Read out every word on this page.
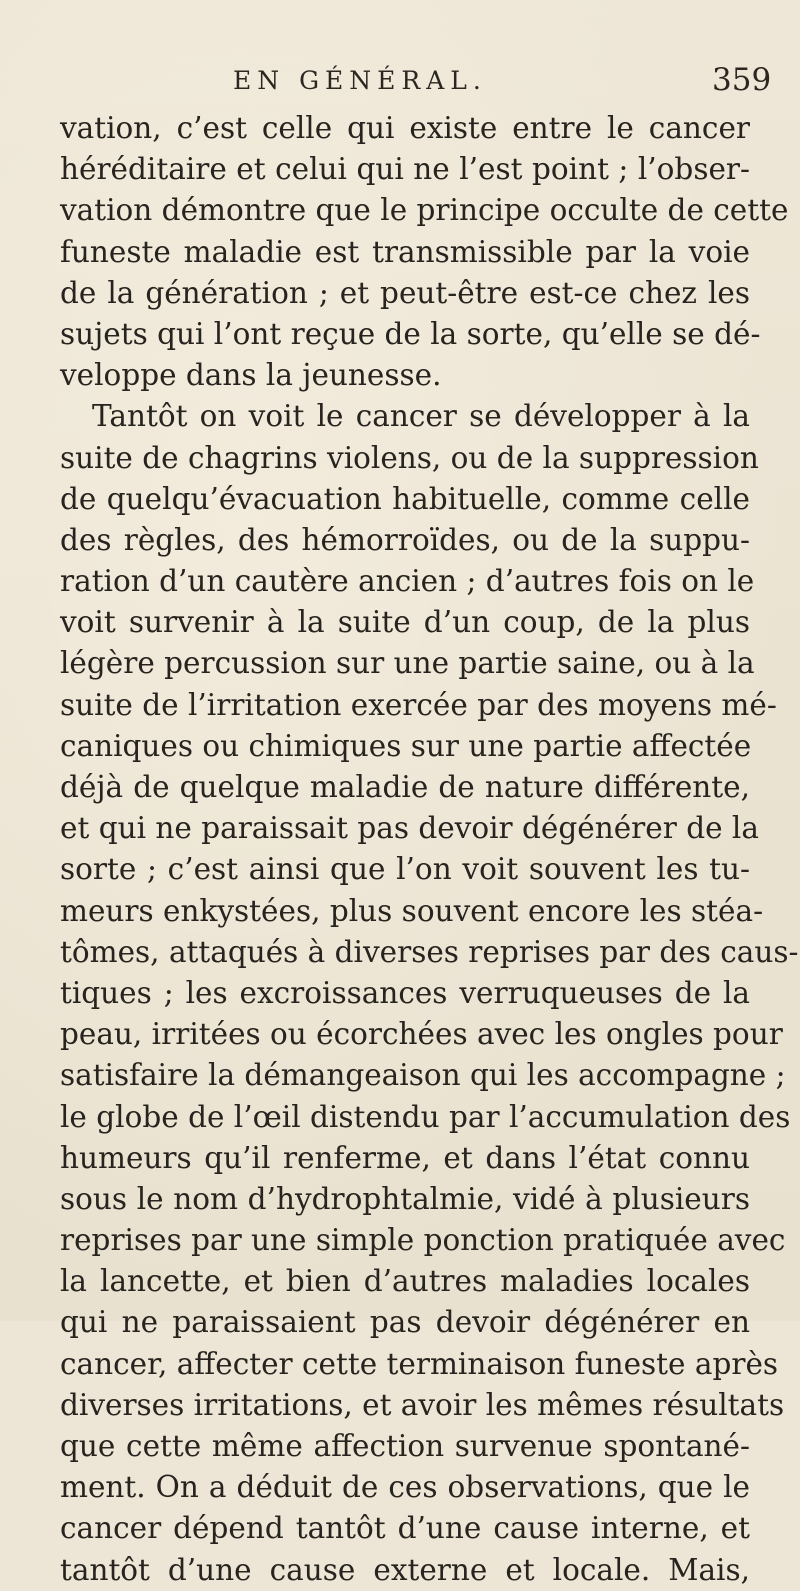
EN GÉNÉRAL.	359
vation, c’est celle qui existe entre le cancer
héréditaire et celui qui ne l’est point ; l’obser-
vation démontre que le principe occulte de cette
funeste maladie est transmissible par la voie
de la génération ; et peut-être est-ce chez les
sujets qui l’ont reçue de la sorte, qu’elle se dé-
veloppe dans la jeunesse.
Tantôt on voit le cancer se développer à la
suite de chagrins violens, ou de la suppression
de quelqu’évacuation habituelle, comme celle
des règles, des hémorroïdes, ou de la suppu-
ration d’un cautère ancien ; d’autres fois on le
voit survenir à la suite d’un coup, de la plus
légère percussion sur une partie saine, ou à la
suite de l’irritation exercée par des moyens mé-
caniques ou chimiques sur une partie affectée
déjà de quelque maladie de nature différente,
et qui ne paraissait pas devoir dégénérer de la
sorte ; c’est ainsi que l’on voit souvent les tu-
meurs enkystées, plus souvent encore les stéa-
tômes, attaqués à diverses reprises par des caus-
tiques ; les excroissances verruqueuses de la
peau, irritées ou écorchées avec les ongles pour
satisfaire la démangeaison qui les accompagne ;
le globe de l’œil distendu par l’accumulation des
humeurs qu’il renferme, et dans l’état connu
sous le nom d’hydrophtalmie, vidé à plusieurs
reprises par une simple ponction pratiquée avec
la lancette, et bien d’autres maladies locales
qui ne paraissaient pas devoir dégénérer en
cancer, affecter cette terminaison funeste après
diverses irritations, et avoir les mêmes résultats
que cette même affection survenue spontané-
ment. On a déduit de ces observations, que le
cancer dépend tantôt d’une cause interne, et
tantôt d’une cause externe et locale. Mais,
